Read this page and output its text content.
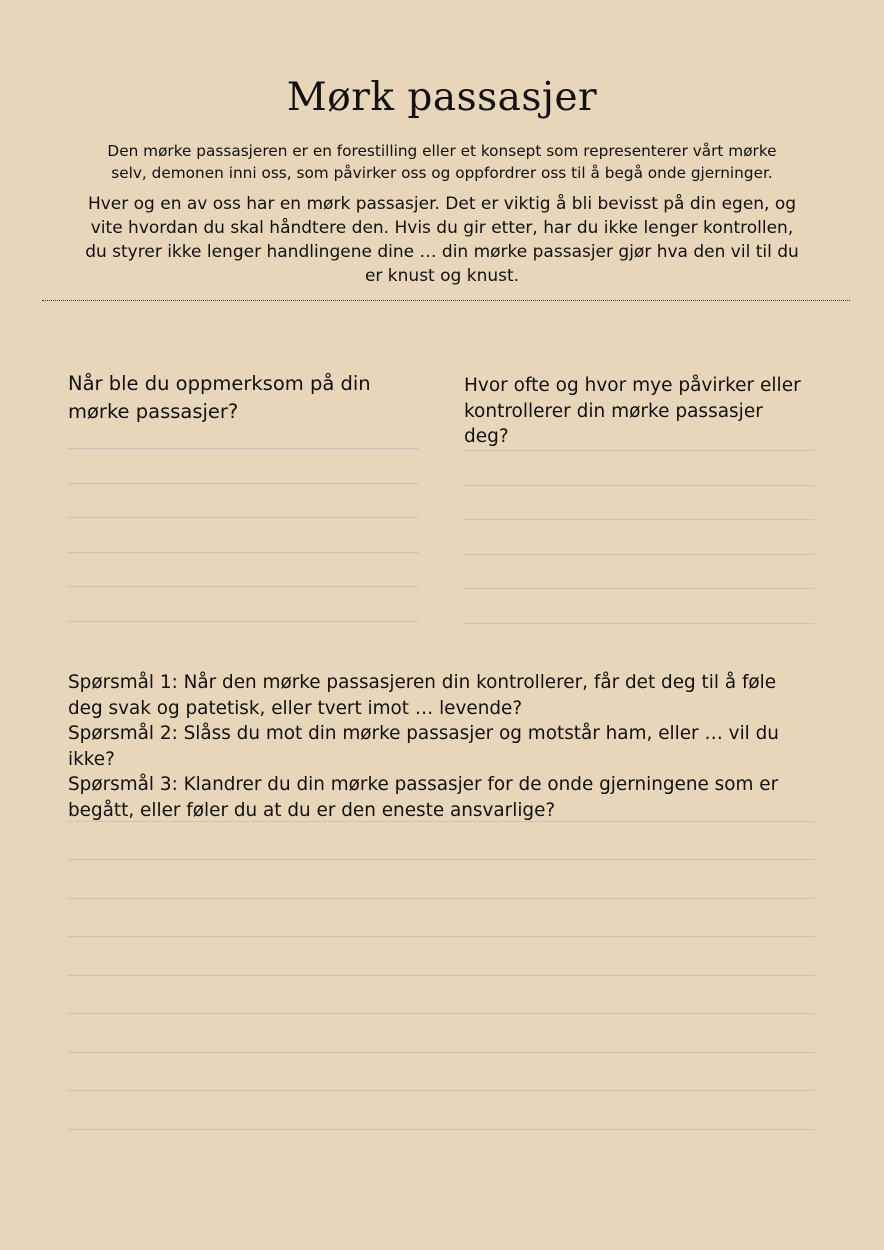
Mørk passasjer
Den mørke passasjeren er en forestilling eller et konsept som representerer vårt mørke selv, demonen inni oss, som påvirker oss og oppfordrer oss til å begå onde gjerninger.
Hver og en av oss har en mørk passasjer. Det er viktig å bli bevisst på din egen, og vite hvordan du skal håndtere den. Hvis du gir etter, har du ikke lenger kontrollen, du styrer ikke lenger handlingene dine … din mørke passasjer gjør hva den vil til du er knust og knust.
Når ble du oppmerksom på din mørke passasjer?
Hvor ofte og hvor mye påvirker eller kontrollerer din mørke passasjer deg?
Spørsmål 1: Når den mørke passasjeren din kontrollerer, får det deg til å føle deg svak og patetisk, eller tvert imot … levende?
Spørsmål 2: Slåss du mot din mørke passasjer og motstår ham, eller … vil du ikke?
Spørsmål 3: Klandrer du din mørke passasjer for de onde gjerningene som er begått, eller føler du at du er den eneste ansvarlige?
